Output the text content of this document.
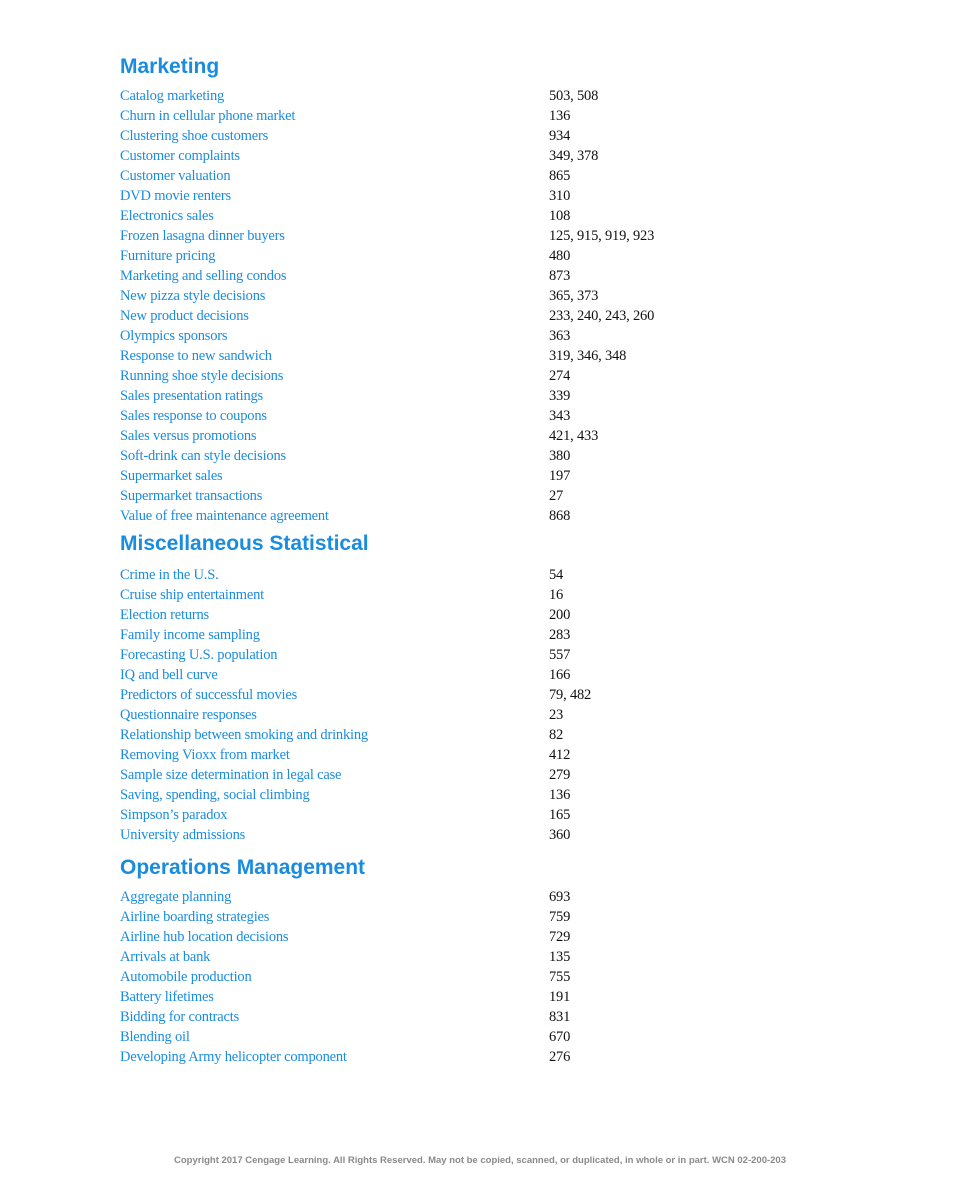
Marketing
Catalog marketing	503, 508
Churn in cellular phone market	136
Clustering shoe customers	934
Customer complaints	349, 378
Customer valuation	865
DVD movie renters	310
Electronics sales	108
Frozen lasagna dinner buyers	125, 915, 919, 923
Furniture pricing	480
Marketing and selling condos	873
New pizza style decisions	365, 373
New product decisions	233, 240, 243, 260
Olympics sponsors	363
Response to new sandwich	319, 346, 348
Running shoe style decisions	274
Sales presentation ratings	339
Sales response to coupons	343
Sales versus promotions	421, 433
Soft-drink can style decisions	380
Supermarket sales	197
Supermarket transactions	27
Value of free maintenance agreement	868
Miscellaneous Statistical
Crime in the U.S.	54
Cruise ship entertainment	16
Election returns	200
Family income sampling	283
Forecasting U.S. population	557
IQ and bell curve	166
Predictors of successful movies	79, 482
Questionnaire responses	23
Relationship between smoking and drinking	82
Removing Vioxx from market	412
Sample size determination in legal case	279
Saving, spending, social climbing	136
Simpson’s paradox	165
University admissions	360
Operations Management
Aggregate planning	693
Airline boarding strategies	759
Airline hub location decisions	729
Arrivals at bank	135
Automobile production	755
Battery lifetimes	191
Bidding for contracts	831
Blending oil	670
Developing Army helicopter component	276
Copyright 2017 Cengage Learning. All Rights Reserved. May not be copied, scanned, or duplicated, in whole or in part. WCN 02-200-203
